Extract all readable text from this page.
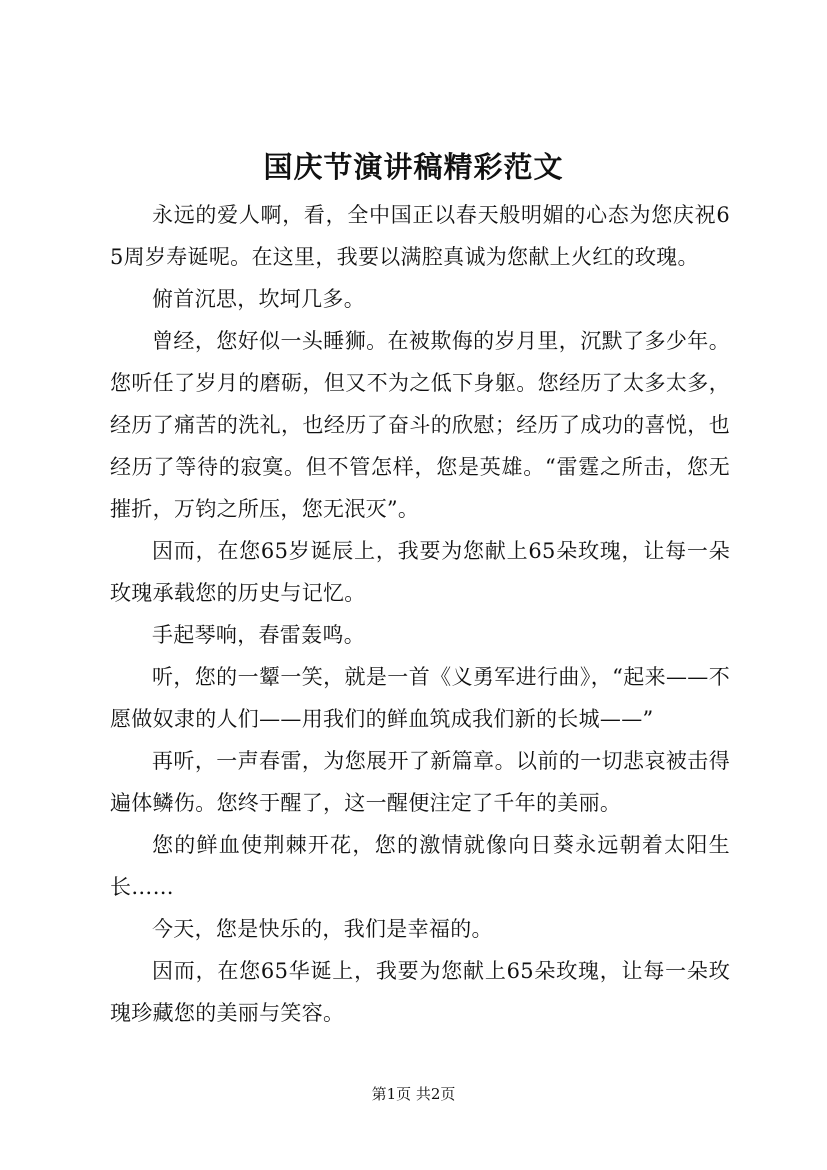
国庆节演讲稿精彩范文

永远的爱人啊，看，全中国正以春天般明媚的心态为您庆祝65周岁寿诞呢。在这里，我要以满腔真诚为您献上火红的玫瑰。

俯首沉思，坎坷几多。

曾经，您好似一头睡狮。在被欺侮的岁月里，沉默了多少年。您听任了岁月的磨砺，但又不为之低下身躯。您经历了太多太多，经历了痛苦的洗礼，也经历了奋斗的欣慰；经历了成功的喜悦，也经历了等待的寂寞。但不管怎样，您是英雄。“雷霆之所击，您无摧折，万钧之所压，您无泯灭”。

因而，在您65岁诞辰上，我要为您献上65朵玫瑰，让每一朵玫瑰承载您的历史与记忆。

手起琴响，春雷轰鸣。

听，您的一颦一笑，就是一首《义勇军进行曲》，“起来——不愿做奴隶的人们——用我们的鲜血筑成我们新的长城——”

再听，一声春雷，为您展开了新篇章。以前的一切悲哀被击得遍体鳞伤。您终于醒了，这一醒便注定了千年的美丽。

您的鲜血使荆棘开花，您的激情就像向日葵永远朝着太阳生长……

今天，您是快乐的，我们是幸福的。

因而，在您65华诞上，我要为您献上65朵玫瑰，让每一朵玫瑰珍藏您的美丽与笑容。

第1页 共2页
